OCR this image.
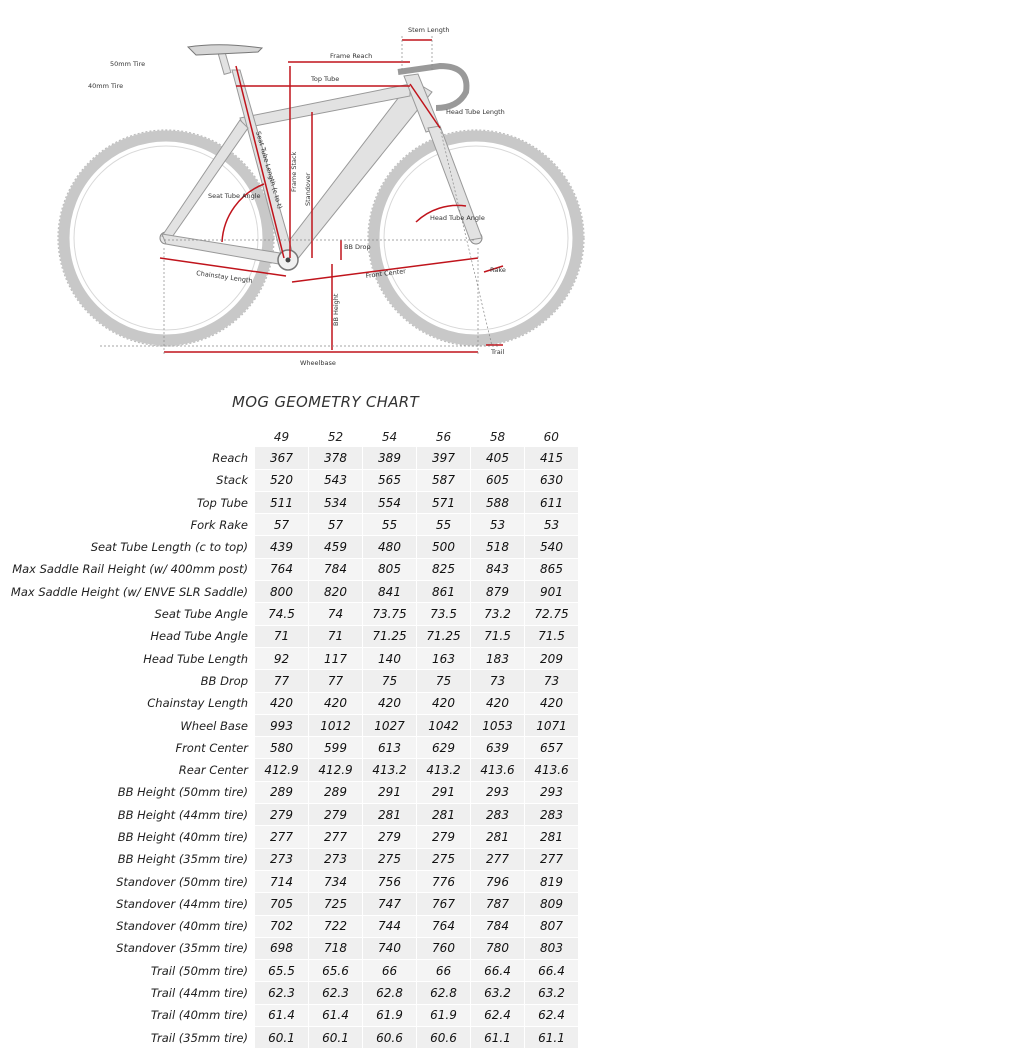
Stem Length
Frame Reach
Top Tube
50mm Tire
40mm Tire
Head Tube Length
Seat Tube Length (c to t) Frame Stack Standover
Seat Tube Angle
Head Tube Angle
BB Drop
Chainstay Length	Front Center	Rake
BB Height
Trail
Wheelbase
MOG GEOMETRY CHART
	49	52	54	56	58	60
Reach	367	378	389	397	405	415
Stack	520	543	565	587	605	630
Top Tube	511	534	554	571	588	611
Fork Rake	57	57	55	55	53	53
Seat Tube Length (c to top)	439	459	480	500	518	540
Max Saddle Rail Height (w/ 400mm post)	764	784	805	825	843	865
Max Saddle Height (w/ ENVE SLR Saddle)	800	820	841	861	879	901
Seat Tube Angle	74.5	74	73.75	73.5	73.2	72.75
Head Tube Angle	71	71	71.25	71.25	71.5	71.5
Head Tube Length	92	117	140	163	183	209
BB Drop	77	77	75	75	73	73
Chainstay Length	420	420	420	420	420	420
Wheel Base	993	1012	1027	1042	1053	1071
Front Center	580	599	613	629	639	657
Rear Center	412.9	412.9	413.2	413.2	413.6	413.6
BB Height (50mm tire)	289	289	291	291	293	293
BB Height (44mm tire)	279	279	281	281	283	283
BB Height (40mm tire)	277	277	279	279	281	281
BB Height (35mm tire)	273	273	275	275	277	277
Standover (50mm tire)	714	734	756	776	796	819
Standover (44mm tire)	705	725	747	767	787	809
Standover (40mm tire)	702	722	744	764	784	807
Standover (35mm tire)	698	718	740	760	780	803
Trail (50mm tire)	65.5	65.6	66	66	66.4	66.4
Trail (44mm tire)	62.3	62.3	62.8	62.8	63.2	63.2
Trail (40mm tire)	61.4	61.4	61.9	61.9	62.4	62.4
Trail (35mm tire)	60.1	60.1	60.6	60.6	61.1	61.1
